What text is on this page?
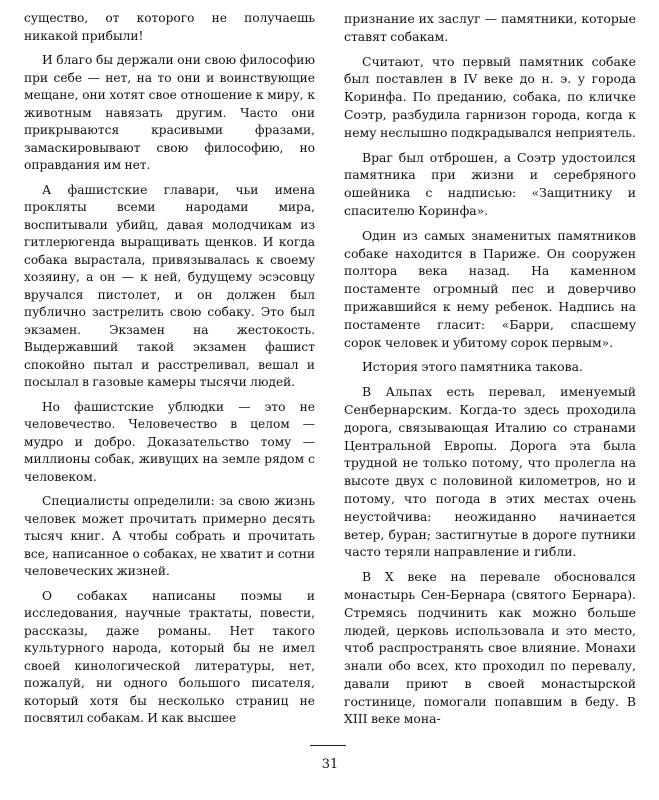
существо, от которого не получаешь никакой прибыли!

И благо бы держали они свою философию при себе — нет, на то они и воинствующие мещане, они хотят свое отношение к миру, к животным навязать другим. Часто они прикрываются красивыми фразами, замаскировывают свою философию, но оправдания им нет.

А фашистские главари, чьи имена прокляты всеми народами мира, воспитывали убийц, давая молодчикам из гитлерюгенда выращивать щенков. И когда собака вырастала, привязывалась к своему хозяину, а он — к ней, будущему эсэсовцу вручался пистолет, и он должен был публично застрелить свою собаку. Это был экзамен. Экзамен на жестокость. Выдержавший такой экзамен фашист спокойно пытал и расстреливал, вешал и посылал в газовые камеры тысячи людей.

Но фашистские ублюдки — это не человечество. Человечество в целом — мудро и добро. Доказательство тому — миллионы собак, живущих на земле рядом с человеком.

Специалисты определили: за свою жизнь человек может прочитать примерно десять тысяч книг. А чтобы собрать и прочитать все, написанное о собаках, не хватит и сотни человеческих жизней.

О собаках написаны поэмы и исследования, научные трактаты, повести, рассказы, даже романы. Нет такого культурного народа, который бы не имел своей кинологической литературы, нет, пожалуй, ни одного большого писателя, который хотя бы несколько страниц не посвятил собакам. И как высшее

признание их заслуг — памятники, которые ставят собакам.

Считают, что первый памятник собаке был поставлен в IV веке до н. э. у города Коринфа. По преданию, собака, по кличке Соэтр, разбудила гарнизон города, когда к нему неслышно подкрадывался неприятель.

Враг был отброшен, а Соэтр удостоился памятника при жизни и серебряного ошейника с надписью: «Защитнику и спасителю Коринфа».

Один из самых знаменитых памятников собаке находится в Париже. Он сооружен полтора века назад. На каменном постаменте огромный пес и доверчиво прижавшийся к нему ребенок. Надпись на постаменте гласит: «Барри, спасшему сорок человек и убитому сорок первым».

История этого памятника такова.

В Альпах есть перевал, именуемый Сенбернарским. Когда-то здесь проходила дорога, связывающая Италию со странами Центральной Европы. Дорога эта была трудной не только потому, что пролегла на высоте двух с половиной километров, но и потому, что погода в этих местах очень неустойчива: неожиданно начинается ветер, буран; застигнутые в дороге путники часто теряли направление и гибли.

В X веке на перевале обосновался монастырь Сен-Бернара (святого Бернара). Стремясь подчинить как можно больше людей, церковь использовала и это место, чтоб распространять свое влияние. Монахи знали обо всех, кто проходил по перевалу, давали приют в своей монастырской гостинице, помогали попавшим в беду. В XIII веке мона-

31
